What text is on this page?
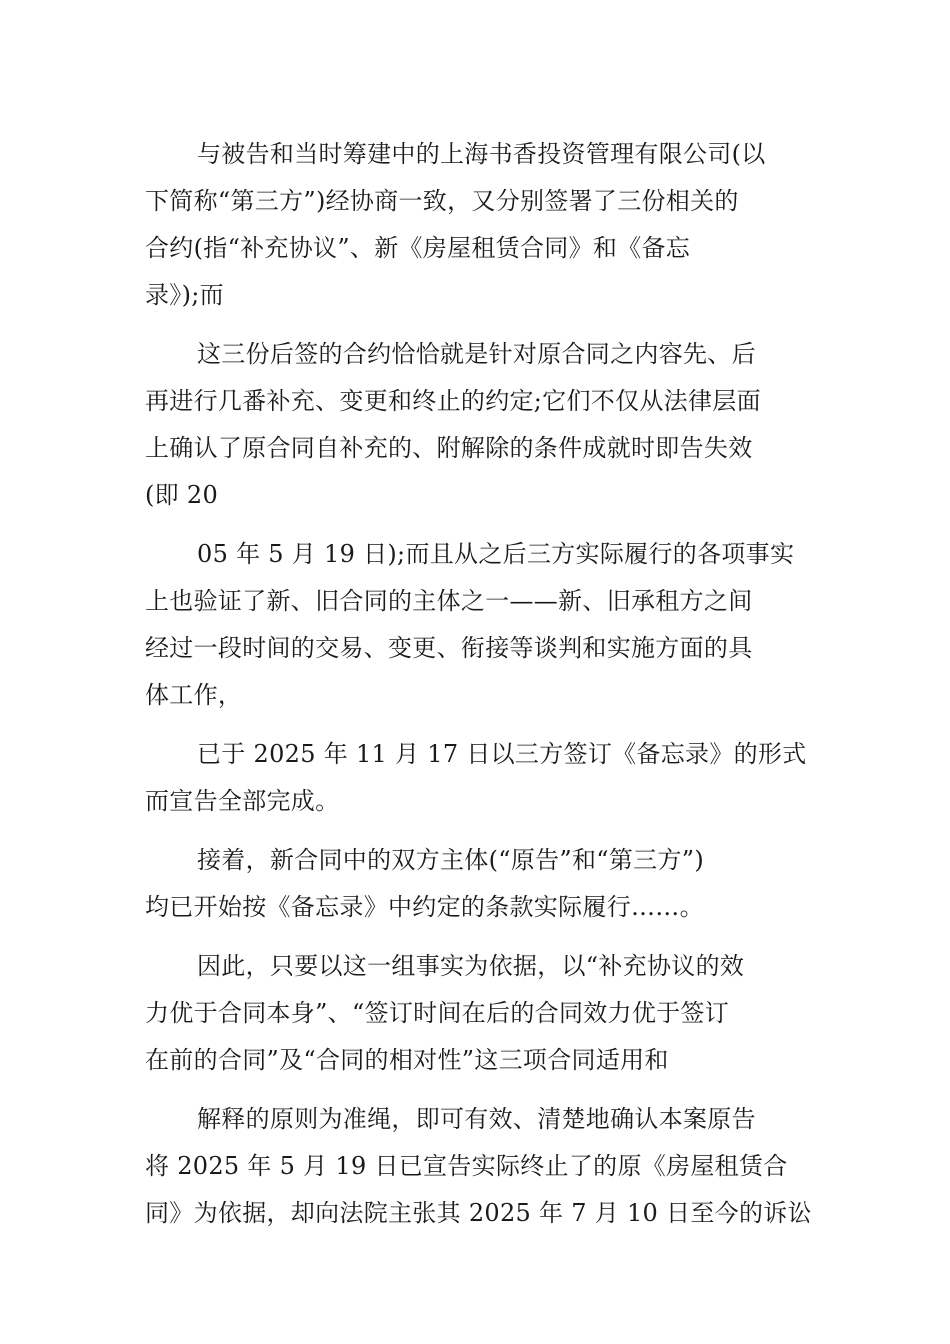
与被告和当时筹建中的上海书香投资管理有限公司(以
下简称“第三方”)经协商一致，又分别签署了三份相关的
合约(指“补充协议”、新《房屋租赁合同》和《备忘
录》);而

这三份后签的合约恰恰就是针对原合同之内容先、后
再进行几番补充、变更和终止的约定;它们不仅从法律层面
上确认了原合同自补充的、附解除的条件成就时即告失效
(即 20

05 年 5 月 19 日);而且从之后三方实际履行的各项事实
上也验证了新、旧合同的主体之一——新、旧承租方之间
经过一段时间的交易、变更、衔接等谈判和实施方面的具
体工作，

已于 2025 年 11 月 17 日以三方签订《备忘录》的形式
而宣告全部完成。

接着，新合同中的双方主体(“原告”和“第三方”)
均已开始按《备忘录》中约定的条款实际履行……。

因此，只要以这一组事实为依据，以“补充协议的效
力优于合同本身”、“签订时间在后的合同效力优于签订
在前的合同”及“合同的相对性”这三项合同适用和

解释的原则为准绳，即可有效、清楚地确认本案原告
将 2025 年 5 月 19 日已宣告实际终止了的原《房屋租赁合
同》为依据，却向法院主张其 2025 年 7 月 10 日至今的诉讼
